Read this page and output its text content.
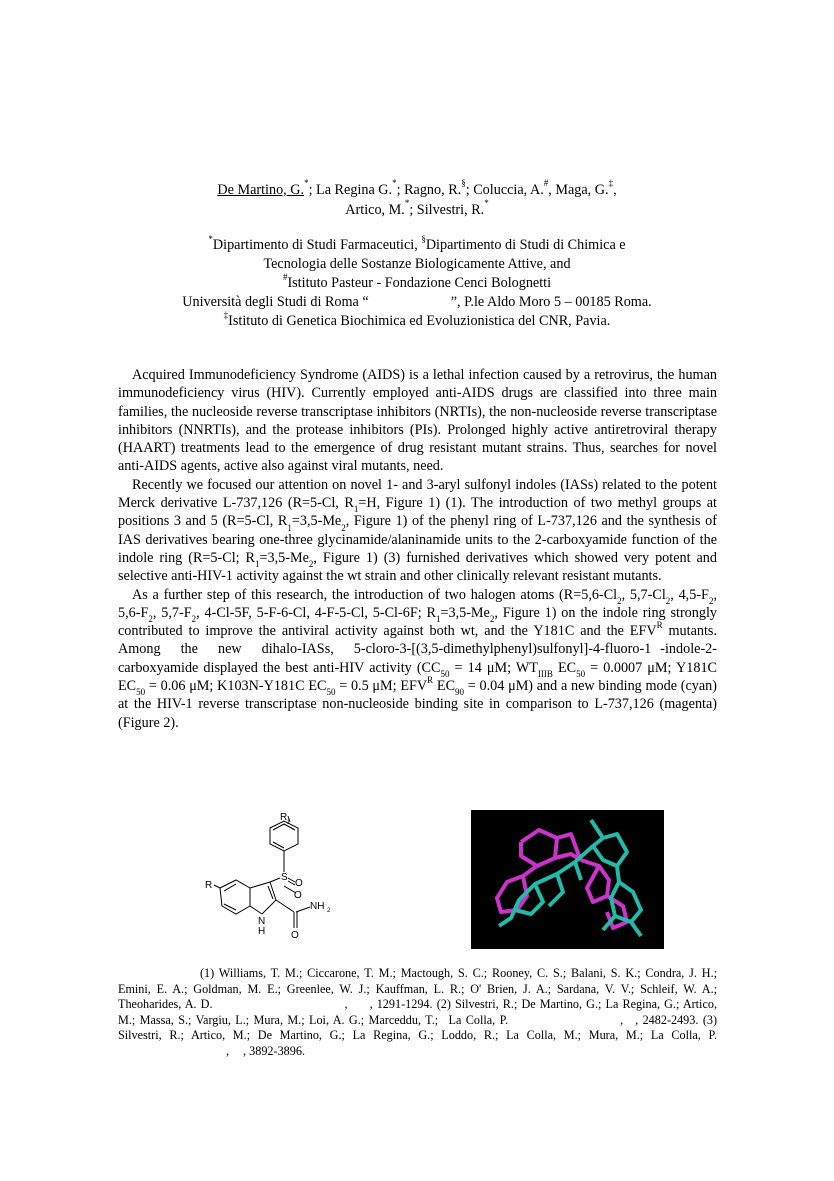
De Martino, G.*; La Regina G.*; Ragno, R.§; Coluccia, A.#, Maga, G.‡,
Artico, M.*; Silvestri, R.*
*Dipartimento di Studi Farmaceutici, §Dipartimento di Studi di Chimica e
Tecnologia delle Sostanze Biologicamente Attive, and
#Istituto Pasteur - Fondazione Cenci Bolognetti
Università degli Studi di Roma “	”, P.le Aldo Moro 5 – 00185 Roma.
‡Istituto di Genetica Biochimica ed Evoluzionistica del CNR, Pavia.

Acquired Immunodeficiency Syndrome (AIDS) is a lethal infection caused by a retrovirus, the human immunodeficiency virus (HIV). Currently employed anti-AIDS drugs are classified into three main families, the nucleoside reverse transcriptase inhibitors (NRTIs), the non-nucleoside reverse transcriptase inhibitors (NNRTIs), and the protease inhibitors (PIs). Prolonged highly active antiretroviral therapy (HAART) treatments lead to the emergence of drug resistant mutant strains. Thus, searches for novel anti-AIDS agents, active also against viral mutants, need.

Recently we focused our attention on novel 1- and 3-aryl sulfonyl indoles (IASs) related to the potent Merck derivative L-737,126 (R=5-Cl, $R_1=H$, Figure 1) (1). The introduction of two methyl groups at positions 3 and 5 (R=5-Cl, $R_1=3,5-Me_2$, Figure 1) of the phenyl ring of L-737,126 and the synthesis of IAS derivatives bearing one-three glycinamide/alaninamide units to the 2-carboxyamide function of the indole ring (R=5-Cl; $R_1=3,5-Me_2$, Figure 1) (3) furnished derivatives which showed very potent and selective anti-HIV-1 activity against the wt strain and other clinically relevant resistant mutants.

As a further step of this research, the introduction of two halogen atoms ($R=5,6-Cl_2$, $5,7-Cl_2$, $4,5-F_2$, $5,6-F_2$, $5,7-F_2$, 4-Cl-5F, 5-F-6-Cl, 4-F-5-Cl, 5-Cl-6F; $R_1=3,5-Me_2$, Figure 1) on the indole ring strongly contributed to improve the antiviral activity against both wt, and the Y181C and the $EFV^R$ mutants. Among the new dihalo-IASs, 5-cloro-3-[(3,5-dimethylphenyl)sulfonyl]-4-fluoro-1 -indole-2-carboxyamide displayed the best anti-HIV activity ($CC_{50} = 14$ μM; $WT_{IIIB}$ $EC_{50} = 0.0007$ μM; Y181C $EC_{50} = 0.06$ μM; K103N-Y181C $EC_{50} = 0.5$ μM; $EFV^R$ $EC_{90} = 0.04$ μM) and a new binding mode (cyan) at the HIV-1 reverse transcriptase non-nucleoside binding site in comparison to L-737,126 (magenta) (Figure 2).

R 1
S
O
O
R
NH 2
O
N
H

(1) Williams, T. M.; Ciccarone, T. M.; Mactough, S. C.; Rooney, C. S.; Balani, S. K.; Condra, J. H.; Emini, E. A.; Goldman, M. E.; Greenlee, W. J.; Kauffman, L. R.; O' Brien, J. A.; Sardana, V. V.; Schleif, W. A.; Theoharides, A. D.	, , 1291-1294. (2) Silvestri, R.; De Martino, G.; La Regina, G.; Artico, M.; Massa, S.; Vargiu, L.; Mura, M.; Loi, A. G.; Marceddu, T.; La Colla, P.	, , 2482-2493. (3) Silvestri, R.; Artico, M.; De Martino, G.; La Regina, G.; Loddo, R.; La Colla, M.; Mura, M.; La Colla, P., , 3892-3896.
